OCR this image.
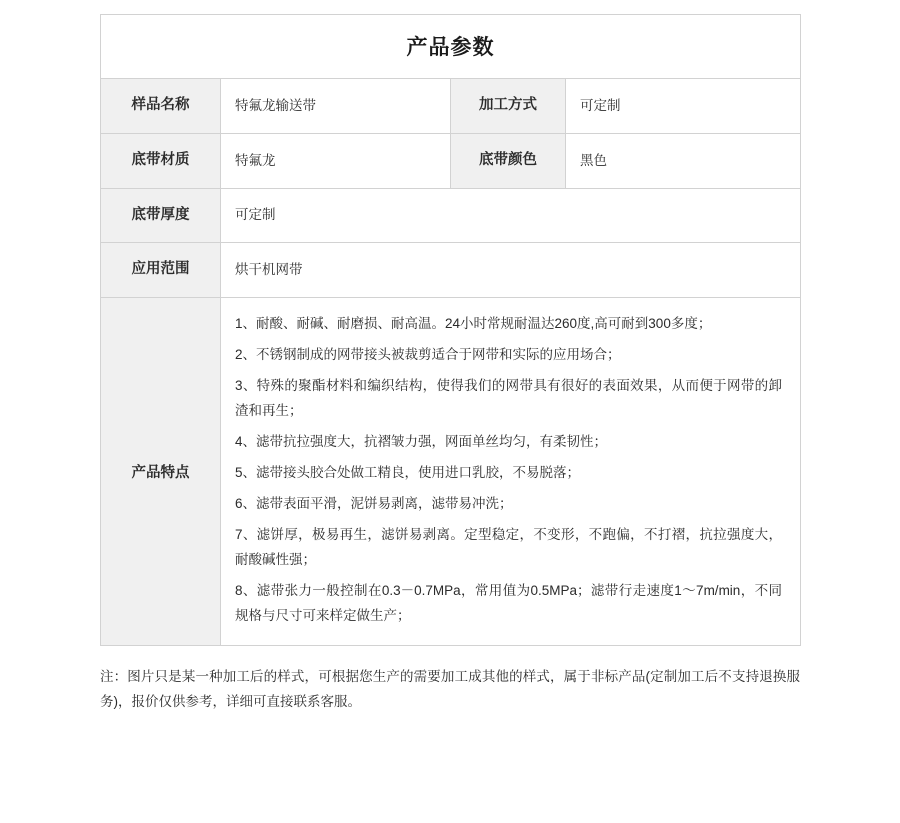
产品参数			
样品名称	特氟龙输送带	加工方式	可定制
底带材质	特氟龙	底带颜色	黑色
底带厚度	可定制		
应用范围	烘干机网带		
产品特点	

1、耐酸、耐碱、耐磨损、耐高温。24小时常规耐温达260度,高可耐到300多度；

2、不锈钢制成的网带接头被裁剪适合于网带和实际的应用场合；

3、特殊的聚酯材料和编织结构，使得我们的网带具有很好的表面效果，从而便于网带的卸渣和再生；

4、滤带抗拉强度大，抗褶皱力强，网面单丝均匀，有柔韧性；

5、滤带接头胶合处做工精良，使用进口乳胶，不易脱落；

6、滤带表面平滑，泥饼易剥离，滤带易冲洗；

7、滤饼厚，极易再生，滤饼易剥离。定型稳定，不变形，不跑偏，不打褶，抗拉强度大，耐酸碱性强；

8、滤带张力一般控制在0.3－0.7MPa，常用值为0.5MPa；滤带行走速度1～7m/min，不同规格与尺寸可来样定做生产；

注：图片只是某一种加工后的样式，可根据您生产的需要加工成其他的样式，属于非标产品(定制加工后不支持退换服务)，报价仅供参考，详细可直接联系客服。
